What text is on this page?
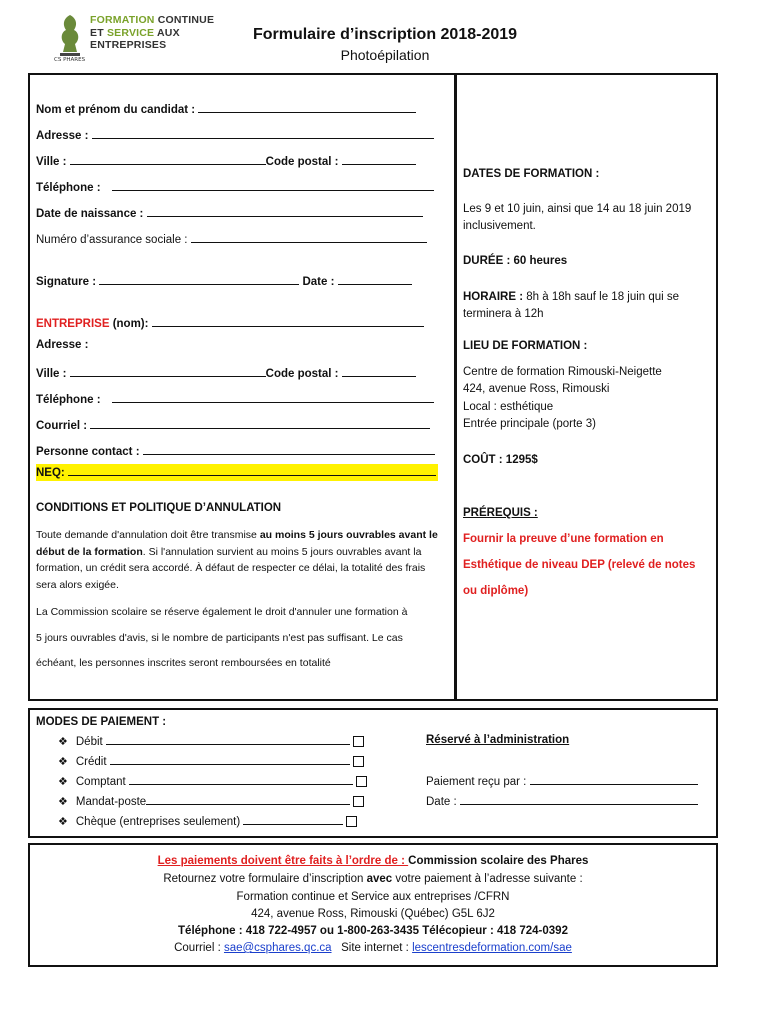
CS PHARES
FORMATION CONTINUE
ET SERVICE AUX
ENTREPRISES
Formulaire d’inscription 2018-2019
Photoépilation
Nom et prénom du candidat :
Adresse :
Ville :	Code postal :
Téléphone :
Date de naissance :
Numéro d’assurance sociale :
Signature :	Date :
ENTREPRISE (nom):
Adresse :
Ville :	Code postal :
Téléphone :
Courriel :
Personne contact :
NEQ:
CONDITIONS ET POLITIQUE D’ANNULATION
Toute demande d'annulation doit être transmise au moins 5 jours ouvrables avant le début de la formation. Si l'annulation survient au moins 5 jours ouvrables avant la formation, un crédit sera accordé. À défaut de respecter ce délai, la totalité des frais sera alors exigée.
La Commission scolaire se réserve également le droit d'annuler une formation à
5 jours ouvrables d'avis, si le nombre de participants n'est pas suffisant. Le cas
échéant, les personnes inscrites seront remboursées en totalité
DATES DE FORMATION :
Les 9 et 10 juin, ainsi que 14 au 18 juin 2019
inclusivement.
DURÉE : 60 heures
HORAIRE : 8h à 18h sauf le 18 juin qui se
terminera à 12h
LIEU DE FORMATION :
Centre de formation Rimouski-Neigette
424, avenue Ross, Rimouski
Local : esthétique
Entrée principale (porte 3)
COÛT : 1295$
PRÉREQUIS :
Fournir la preuve d’une formation en
Esthétique de niveau DEP (relevé de notes
ou diplôme)
MODES DE PAIEMENT :
❖ Débit
❖ Crédit
❖ Comptant
❖ Mandat-poste
❖ Chèque (entreprises seulement)
Réservé à l’administration
Paiement reçu par :
Date :
Les paiements doivent être faits à l’ordre de : Commission scolaire des Phares
Retournez votre formulaire d’inscription avec votre paiement à l’adresse suivante :
Formation continue et Service aux entreprises /CFRN
424, avenue Ross, Rimouski (Québec) G5L 6J2
Téléphone : 418 722-4957 ou 1-800-263-3435 Télécopieur : 418 724-0392
Courriel : sae@csphares.qc.ca   Site internet : lescentresdeformation.com/sae
